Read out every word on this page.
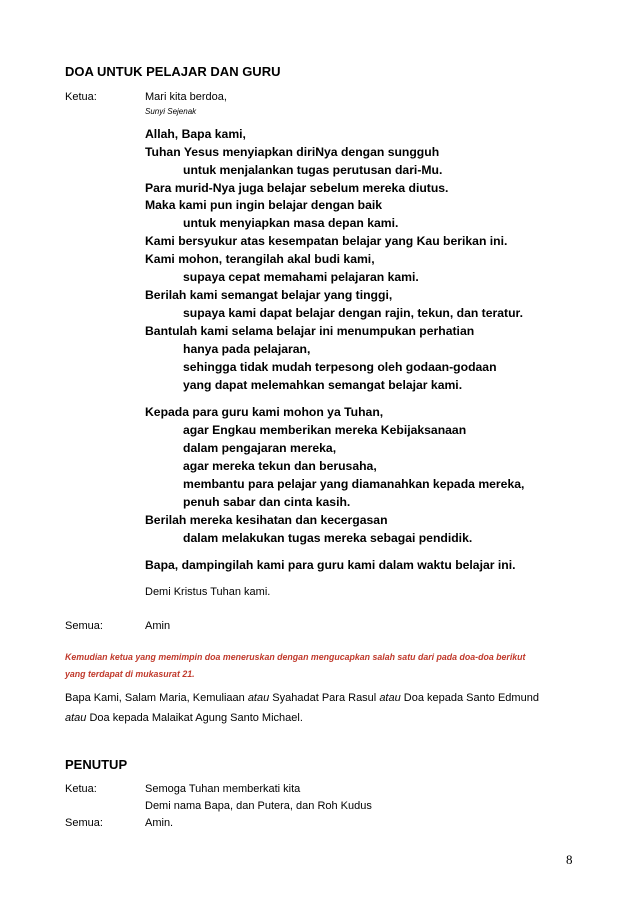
DOA UNTUK PELAJAR DAN GURU
Ketua:	Mari kita berdoa,
Sunyi Sejenak
Allah, Bapa kami,
Tuhan Yesus menyiapkan diriNya dengan sungguh
untuk menjalankan tugas perutusan dari-Mu.
Para murid-Nya juga belajar sebelum mereka diutus.
Maka kami pun ingin belajar dengan baik
untuk menyiapkan masa depan kami.
Kami bersyukur atas kesempatan belajar yang Kau berikan ini.
Kami mohon, terangilah akal budi kami,
supaya cepat memahami pelajaran kami.
Berilah kami semangat belajar yang tinggi,
supaya kami dapat belajar dengan rajin, tekun, dan teratur.
Bantulah kami selama belajar ini menumpukan perhatian
hanya pada pelajaran,
sehingga tidak mudah terpesong oleh godaan-godaan
yang dapat melemahkan semangat belajar kami.
Kepada para guru kami mohon ya Tuhan,
agar Engkau memberikan mereka Kebijaksanaan
dalam pengajaran mereka,
agar mereka tekun dan berusaha,
membantu para pelajar yang diamanahkan kepada mereka,
penuh sabar dan cinta kasih.
Berilah mereka kesihatan dan kecergasan
dalam melakukan tugas mereka sebagai pendidik.
Bapa, dampingilah kami para guru kami dalam waktu belajar ini.
Demi Kristus Tuhan kami.
Semua:	Amin
Kemudian ketua yang memimpin doa meneruskan dengan mengucapkan salah satu dari pada doa-doa berikut
yang terdapat di mukasurat 21.
Bapa Kami, Salam Maria, Kemuliaan atau Syahadat Para Rasul atau Doa kepada Santo Edmund
atau Doa kepada Malaikat Agung Santo Michael.
PENUTUP
Ketua:	Semoga Tuhan memberkati kita
Demi nama Bapa, dan Putera, dan Roh Kudus
Semua:	Amin.
8
